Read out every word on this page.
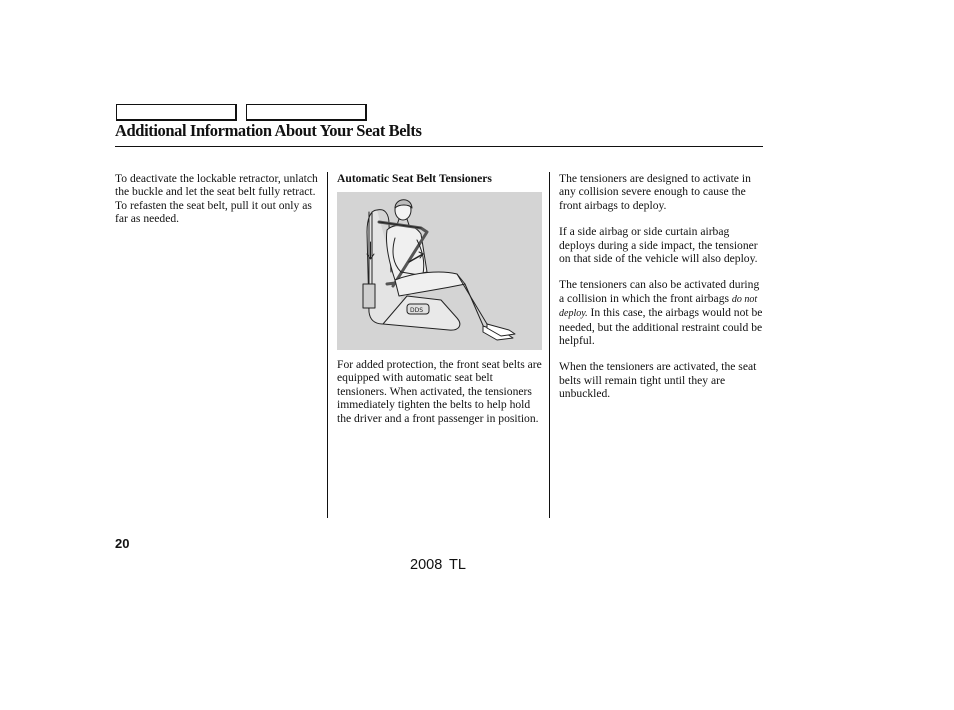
Additional Information About Your Seat Belts

To deactivate the lockable retractor, unlatch the buckle and let the seat belt fully retract. To refasten the seat belt, pull it out only as far as needed.

Automatic Seat Belt Tensioners
DDS

For added protection, the front seat belts are equipped with automatic seat belt tensioners. When activated, the tensioners immediately tighten the belts to help hold the driver and a front passenger in position.

The tensioners are designed to activate in any collision severe enough to cause the front airbags to deploy.

If a side airbag or side curtain airbag deploys during a side impact, the tensioner on that side of the vehicle will also deploy.

The tensioners can also be activated during a collision in which the front airbags do not deploy. In this case, the airbags would not be needed, but the additional restraint could be helpful.

When the tensioners are activated, the seat belts will remain tight until they are unbuckled.

20
2008 TL
